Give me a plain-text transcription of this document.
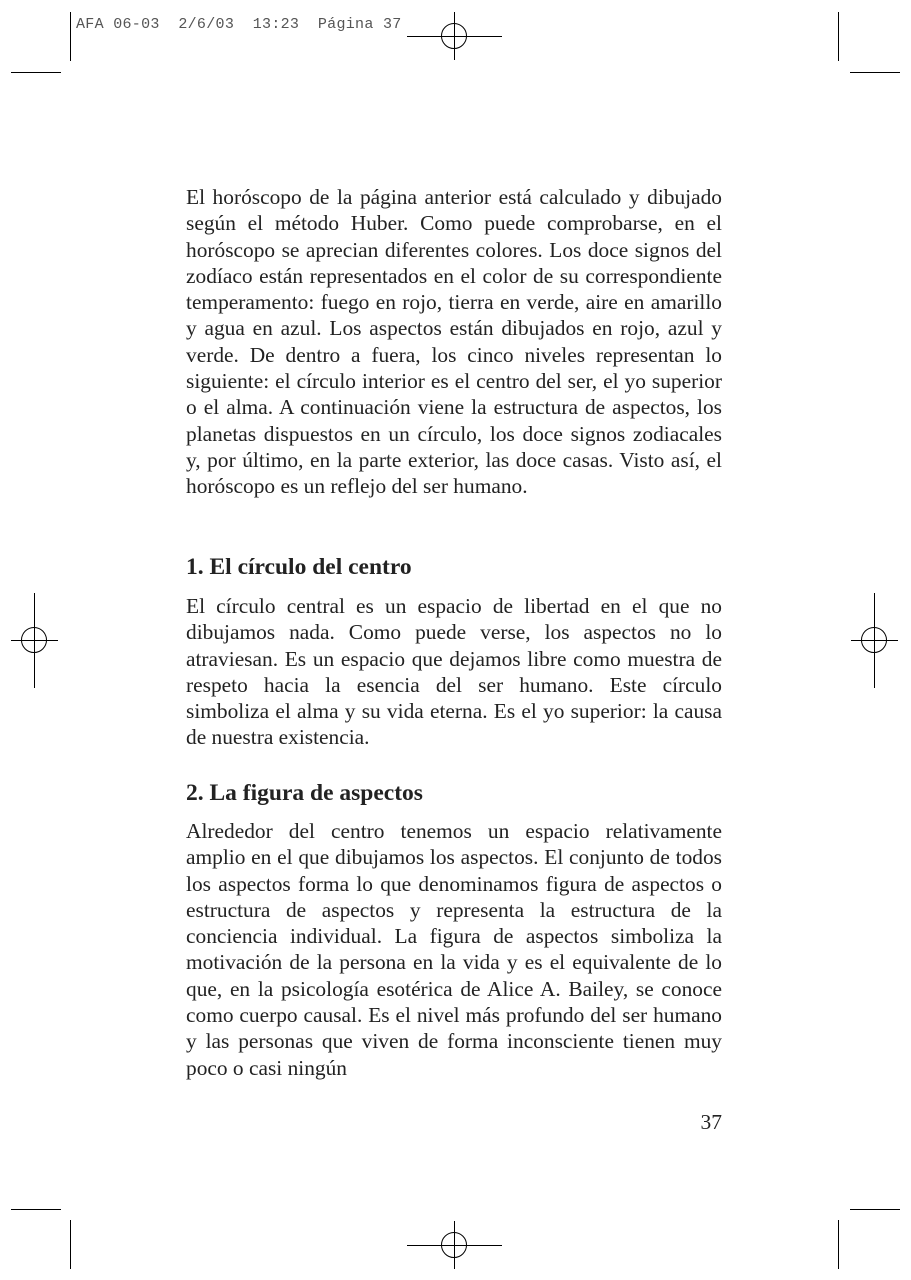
AFA 06-03  2/6/03  13:23  Página 37

El horóscopo de la página anterior está calculado y dibujado según el método Huber. Como puede comprobarse, en el horóscopo se aprecian diferentes colores. Los doce signos del zodíaco están representados en el color de su correspondiente temperamento: fuego en rojo, tierra en verde, aire en amarillo y agua en azul. Los aspectos están dibujados en rojo, azul y verde. De dentro a fuera, los cinco niveles representan lo siguiente: el círculo interior es el centro del ser, el yo superior o el alma. A continuación viene la estructura de aspectos, los planetas dispuestos en un círculo, los doce signos zodiacales y, por último, en la parte exterior, las doce casas. Visto así, el horóscopo es un reflejo del ser humano.

1. El círculo del centro

El círculo central es un espacio de libertad en el que no dibujamos nada. Como puede verse, los aspectos no lo atraviesan. Es un espacio que dejamos libre como muestra de respeto hacia la esencia del ser humano. Este círculo simboliza el alma y su vida eterna. Es el yo superior: la causa de nuestra existencia.

2. La figura de aspectos

Alrededor del centro tenemos un espacio relativamente amplio en el que dibujamos los aspectos. El conjunto de todos los aspectos forma lo que denominamos figura de aspectos o estructura de aspectos y representa la estructura de la conciencia individual. La figura de aspectos simboliza la motivación de la persona en la vida y es el equivalente de lo que, en la psicología esotérica de Alice A. Bailey, se conoce como cuerpo causal. Es el nivel más profundo del ser humano y las personas que viven de forma inconsciente tienen muy poco o casi ningún

37
